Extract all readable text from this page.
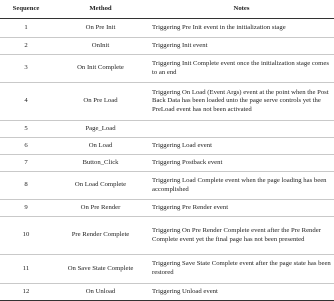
Sequence	Method	Notes
1	On Pre Init	Triggering Pre Init event in the initialization stage
2	OnInit	Triggering Init event
3	On Init Complete	Triggering Init Complete event once the initialization stage comes to an end
4	On Pre Load	Triggering On Load (Event Args) event at the point when the Post Back Data has been loaded unto the page serve controls yet the PreLoad event has not been activated
5	Page_Load	
6	On Load	Triggering Load event
7	Button_Click	Triggering Postback event
8	On Load Complete	Triggering Load Complete event when the page loading has been accomplished
9	On Pre Render	Triggering Pre Render event
10	Pre Render Complete	Triggering On Pre Render Complete event after the Pre Render Complete event yet the final page has not been presented
11	On Save State Complete	Triggering Save State Complete event after the page state has been restored
12	On Unload	Triggering Unload event
